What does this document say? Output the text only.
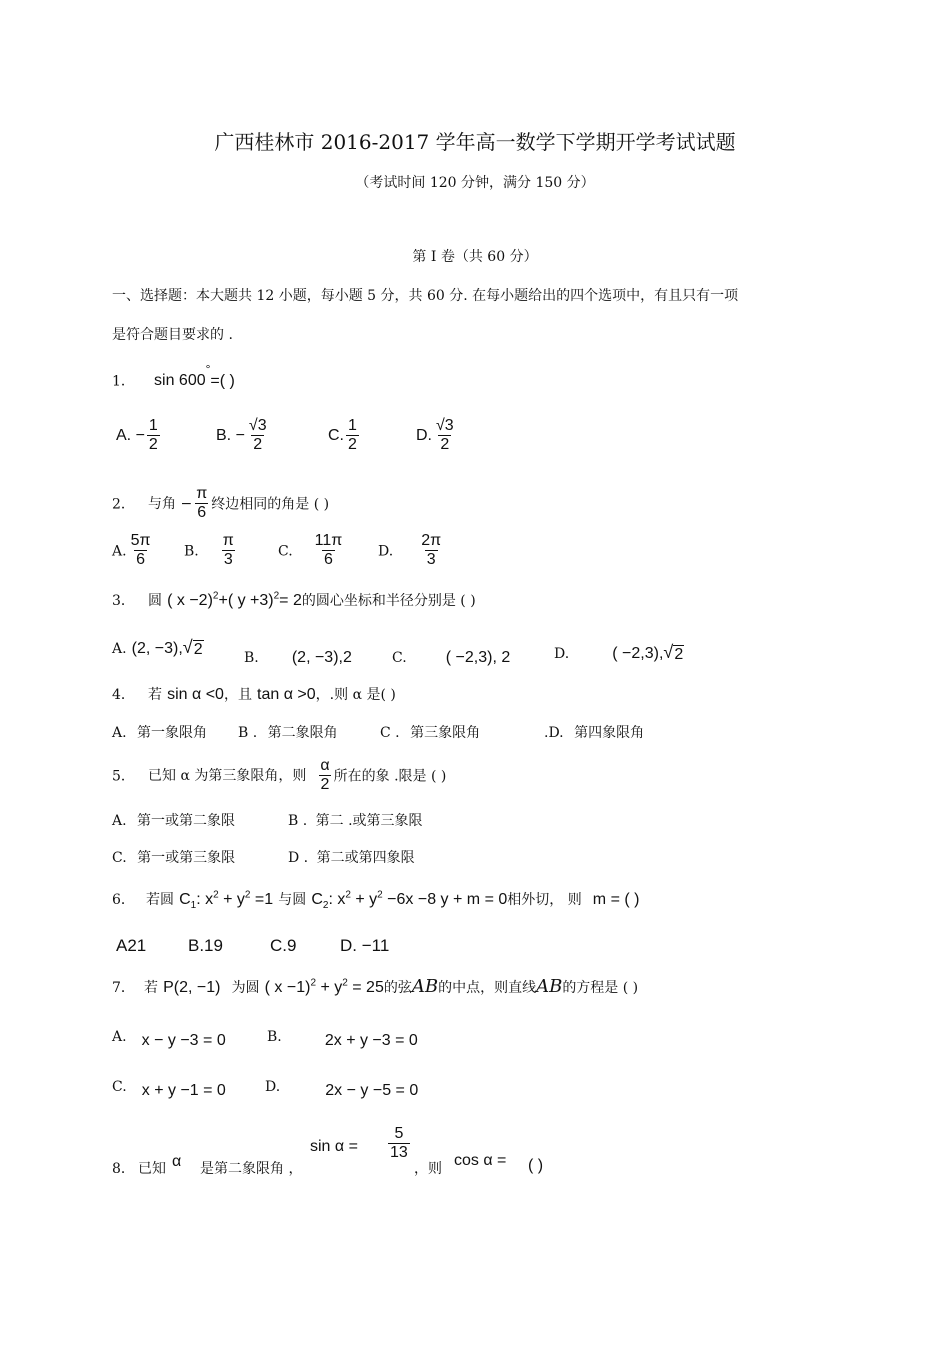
广西桂林市 2016-2017 学年高一数学下学期开学考试试题
（考试时间 120 分钟，满分 150 分）
第 I 卷（共 60 分）
一、选择题：本大题共 12 小题，每小题 5 分，共 60 分. 在每小题给出的四个选项中，有且只有一项
是符合题目要求的 .
1． sin 600°=( )
A. − $\frac{1}{2}$	B. − $\frac{√3}{2}$	C. $\frac{1}{2}$	D. $\frac{√3}{2}$
2． 与角 − $\frac{\pi}{6}$ 终边相同的角是 ( )
A. $\frac{5\pi}{6} B$. $\frac{\pi}{3}$	C. $\frac{11\pi}{6} D$. $\frac{2\pi}{3}$
3． 圆 ( x −2)$^2$+( y +3)$^2$= 2的圆心坐标和半径分别是 ( )
A. (2, −3), √ 2	B. (2, −3),2	C. ( −2,3), 2	D.	( −2,3), √ 2
4． 若 sin α <0，且 tan α >0，.则 α 是( )
A. 第一象限角 B . 第二象限角	C . 第三象限角	.D. 第四象限角
5． 已知 α 为第三象限角，则 $\frac{\alpha}{2}$ 所在的象 .限是 ( )
A. 第一或第二象限	B . 第二 .或第三象限
C. 第一或第三象限	D . 第二或第四象限
6． 若圆 $C_1$: $x^2 + y^2 =1$ 与圆 $C_2$: $x^2 + y^2 -6x -8$ y + m = 0相外切， 则 m = ( )
A21 B.19	C.9	D. −11
7． 若 P(2, −1) 为圆 ( $x -1)^2 + y^2 = 25$的弦AB的中点，则直线AB的方程是 ( )
A. x − y −3 = 0	B.	2x + y −3 = 0
C. x + y −1 = 0	D.	2x − y −5 = 0
8． 已知 α 是第二象限角 ，
$\sin \alpha = \frac{5}{13}$
，则 cos α = ( )
